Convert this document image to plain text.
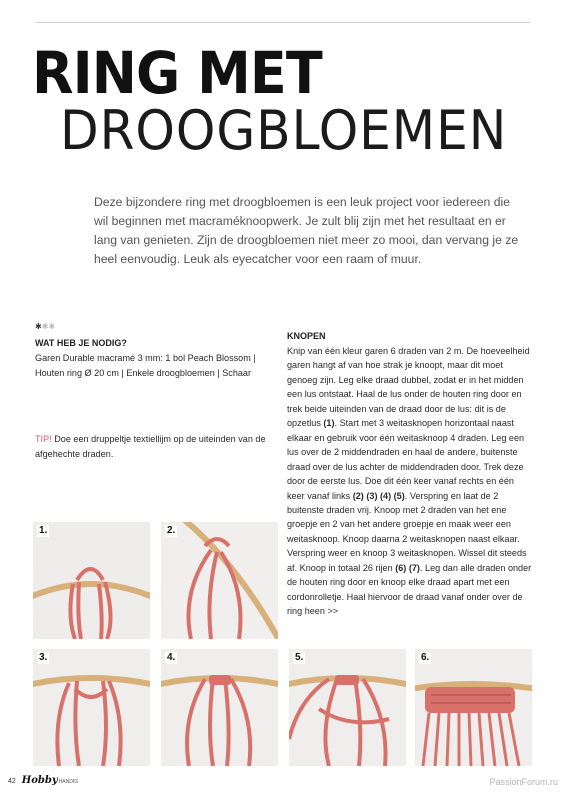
RING MET
DROOGBLOEMEN

Deze bijzondere ring met droogbloemen is een leuk project voor iedereen die wil beginnen met macraméknoopwerk. Je zult blij zijn met het resultaat en er lang van genieten. Zijn de droogbloemen niet meer zo mooi, dan vervang je ze heel eenvoudig. Leuk als eyecatcher voor een raam of muur.

✱✱✱
WAT HEB JE NODIG?

Garen Durable macramé 3 mm: 1 bol Peach Blossom | Houten ring Ø 20 cm | Enkele droogbloemen | Schaar

TIP! Doe een druppeltje textiellijm op de uiteinden van de afgehechte draden.

KNOPEN

Knip van één kleur garen 6 draden van 2 m. De hoeveelheid garen hangt af van hoe strak je knoopt, maar dit moet genoeg zijn. Leg elke draad dubbel, zodat er in het midden een lus ontstaat. Haal de lus onder de houten ring door en trek beide uiteinden van de draad door de lus: dit is de opzetlus (1). Start met 3 weitasknopen horizontaal naast elkaar en gebruik voor één weitasknoop 4 draden. Leg een lus over de 2 middendraden en haal de andere, buitenste draad over de lus achter de middendraden door. Trek deze door de eerste lus. Doe dit één keer vanaf rechts en één keer vanaf links (2) (3) (4) (5). Verspring en laat de 2 buitenste draden vrij. Knoop met 2 draden van het ene groepje en 2 van het andere groepje en maak weer een weitasknoop. Knoop daarna 2 weitasknopen naast elkaar. Verspring weer en knoop 3 weitasknopen. Wissel dit steeds af. Knoop in totaal 26 rijen (6) (7). Leg dan alle draden onder de houten ring door en knoop elke draad apart met een cordonrolletje. Haal hiervoor de draad vanaf onder over de ring heen >>

1.	2.
3.	4.	5.	6.
42 HobbyHANDIG	PassionForum.ru
